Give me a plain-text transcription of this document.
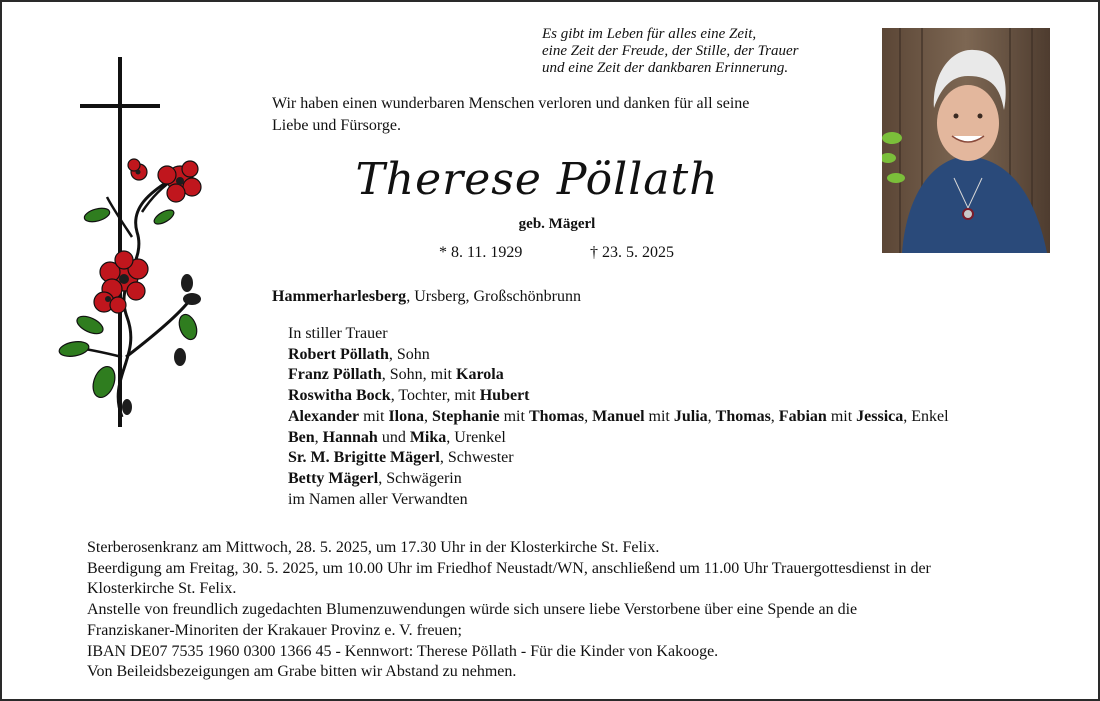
Es gibt im Leben für alles eine Zeit,
eine Zeit der Freude, der Stille, der Trauer
und eine Zeit der dankbaren Erinnerung.
Wir haben einen wunderbaren Menschen verloren und danken für all seine
Liebe und Fürsorge.
Therese Pöllath
geb. Mägerl
* 8. 11. 1929	† 23. 5. 2025
Hammerharlesberg, Ursberg, Großschönbrunn
In stiller Trauer
Robert Pöllath, Sohn
Franz Pöllath, Sohn, mit Karola
Roswitha Bock, Tochter, mit Hubert
Alexander mit Ilona, Stephanie mit Thomas, Manuel mit Julia, Thomas, Fabian mit Jessica, Enkel
Ben, Hannah und Mika, Urenkel
Sr. M. Brigitte Mägerl, Schwester
Betty Mägerl, Schwägerin
im Namen aller Verwandten
Sterberosenkranz am Mittwoch, 28. 5. 2025, um 17.30 Uhr in der Klosterkirche St. Felix.
Beerdigung am Freitag, 30. 5. 2025, um 10.00 Uhr im Friedhof Neustadt/WN, anschließend um 11.00 Uhr Trauergottesdienst in der
Klosterkirche St. Felix.
Anstelle von freundlich zugedachten Blumenzuwendungen würde sich unsere liebe Verstorbene über eine Spende an die
Franziskaner-Minoriten der Krakauer Provinz e. V. freuen;
IBAN DE07 7535 1960 0300 1366 45 - Kennwort: Therese Pöllath - Für die Kinder von Kakooge.
Von Beileidsbezeigungen am Grabe bitten wir Abstand zu nehmen.
